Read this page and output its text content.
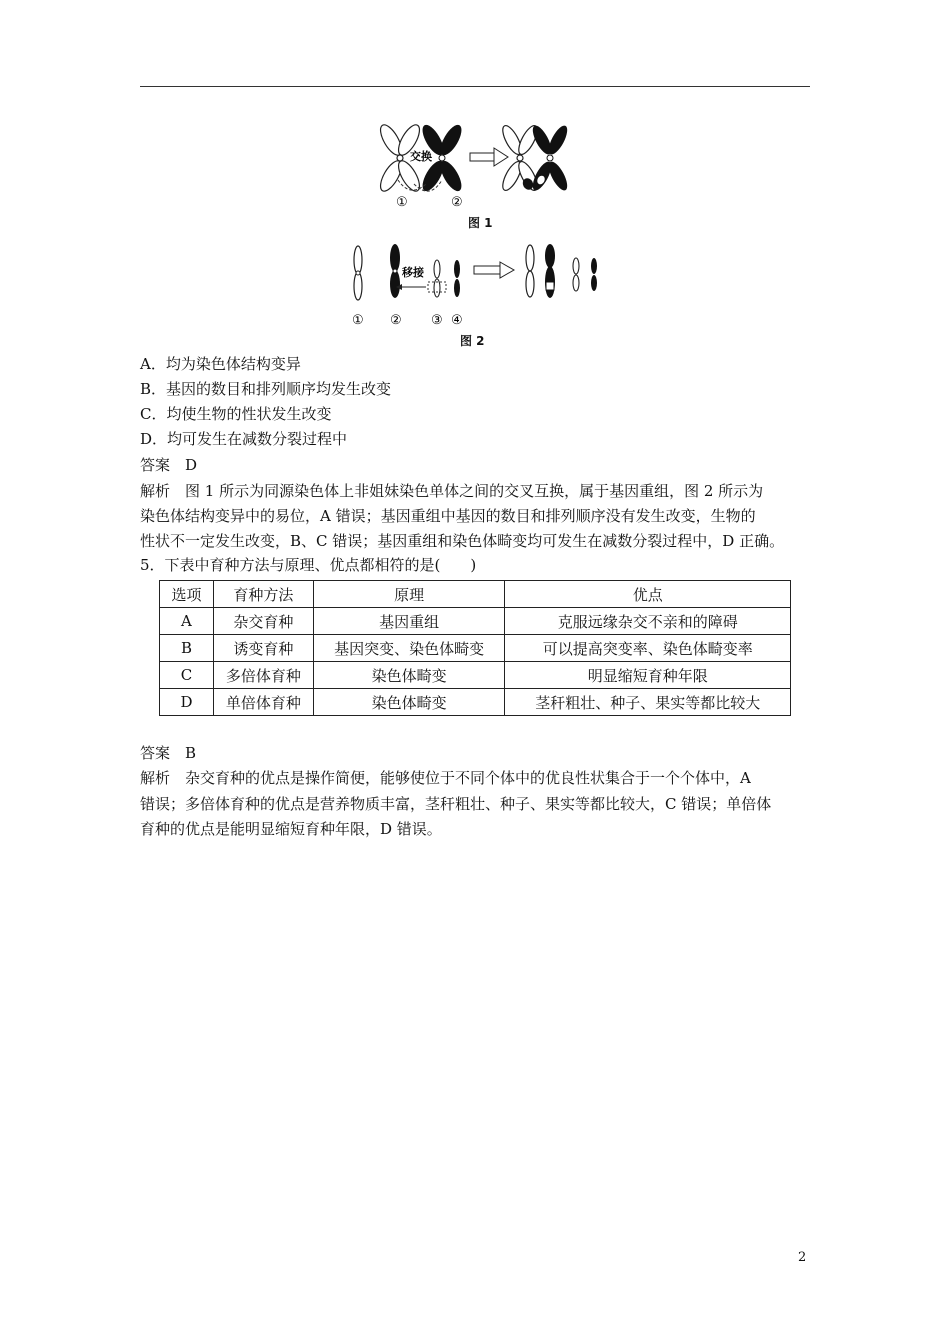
交换
①	②
图 1
移接
① ② ③ ④
图 2
A．均为染色体结构变异
B．基因的数目和排列顺序均发生改变
C．均使生物的性状发生改变
D．均可发生在减数分裂过程中
答案　D
解析　图 1 所示为同源染色体上非姐妹染色单体之间的交叉互换，属于基因重组，图 2 所示为
染色体结构变异中的易位，A 错误；基因重组中基因的数目和排列顺序没有发生改变，生物的
性状不一定发生改变，B、C 错误；基因重组和染色体畸变均可发生在减数分裂过程中，D 正确。
5．下表中育种方法与原理、优点都相符的是(　　)
选项	育种方法	原理	优点
A	杂交育种	基因重组	克服远缘杂交不亲和的障碍
B	诱变育种	基因突变、染色体畸变	可以提高突变率、染色体畸变率
C	多倍体育种	染色体畸变	明显缩短育种年限
D	单倍体育种	染色体畸变	茎秆粗壮、种子、果实等都比较大
答案　B
解析　杂交育种的优点是操作简便，能够使位于不同个体中的优良性状集合于一个个体中，A
错误；多倍体育种的优点是营养物质丰富，茎秆粗壮、种子、果实等都比较大，C 错误；单倍体
育种的优点是能明显缩短育种年限，D 错误。
2
